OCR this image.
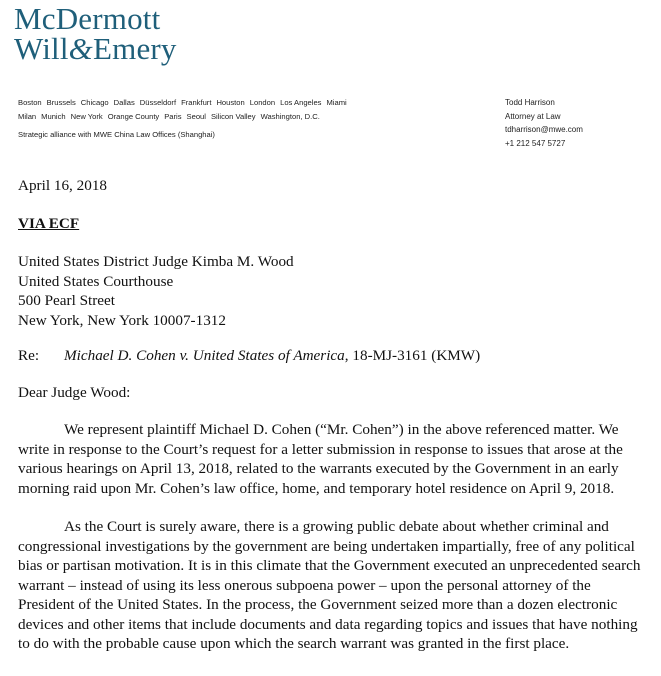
McDermott
Will&Emery
Boston Brussels Chicago Dallas Düsseldorf Frankfurt Houston London Los Angeles Miami
Milan Munich New York Orange County Paris Seoul Silicon Valley Washington, D.C.
Strategic alliance with MWE China Law Offices (Shanghai)
Todd Harrison
Attorney at Law
tdharrison@mwe.com
+1 212 547 5727
April 16, 2018
VIA ECF
United States District Judge Kimba M. Wood
United States Courthouse
500 Pearl Street
New York, New York 10007-1312
Re: Michael D. Cohen v. United States of America, 18-MJ-3161 (KMW)
Dear Judge Wood:

We represent plaintiff Michael D. Cohen (“Mr. Cohen”) in the above referenced matter. We write in response to the Court’s request for a letter submission in response to issues that arose at the various hearings on April 13, 2018, related to the warrants executed by the Government in an early morning raid upon Mr. Cohen’s law office, home, and temporary hotel residence on April 9, 2018.

As the Court is surely aware, there is a growing public debate about whether criminal and congressional investigations by the government are being undertaken impartially, free of any political bias or partisan motivation. It is in this climate that the Government executed an unprecedented search warrant – instead of using its less onerous subpoena power – upon the personal attorney of the President of the United States. In the process, the Government seized more than a dozen electronic devices and other items that include documents and data regarding topics and issues that have nothing to do with the probable cause upon which the search warrant was granted in the first place.
